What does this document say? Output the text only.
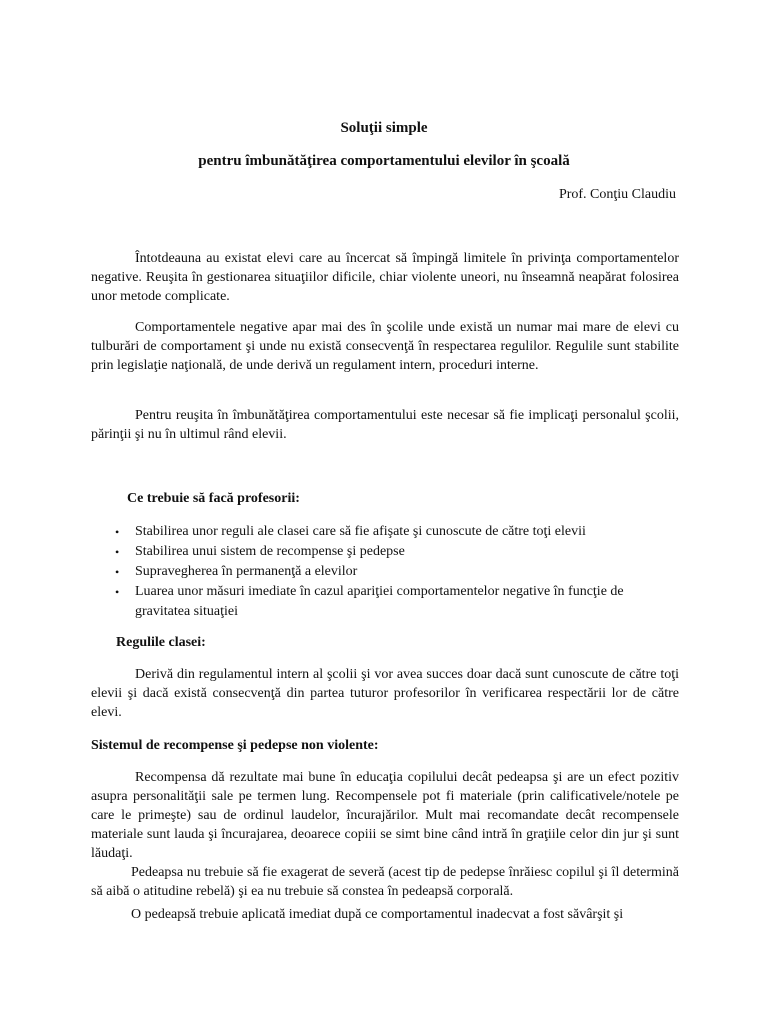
Soluţii simple
pentru îmbunătăţirea comportamentului elevilor în şcoală

Prof. Conţiu Claudiu

Întotdeauna au existat elevi care au încercat să împingă limitele în privinţa comportamentelor negative. Reuşita în gestionarea situaţiilor dificile, chiar violente uneori, nu înseamnă neapărat folosirea unor metode complicate.

Comportamentele negative apar mai des în şcolile unde există un numar mai mare de elevi cu tulburări de comportament şi unde nu există consecvenţă în respectarea regulilor. Regulile sunt stabilite prin legislaţie naţională, de unde derivă un regulament intern, proceduri interne.

Pentru reuşita în îmbunătăţirea comportamentului este necesar să fie implicaţi personalul şcolii, părinţii şi nu în ultimul rând elevii.

Ce trebuie să facă profesorii:
• Stabilirea unor reguli ale clasei care să fie afişate şi cunoscute de către toţi elevii
• Stabilirea unui sistem de recompense şi pedepse
• Supravegherea în permanenţă a elevilor
• Luarea unor măsuri imediate în cazul apariţiei comportamentelor negative în funcţie de gravitatea situaţiei
Regulile clasei:

Derivă din regulamentul intern al şcolii şi vor avea succes doar dacă sunt cunoscute de către toţi elevii şi dacă există consecvenţă din partea tuturor profesorilor în verificarea respectării lor de către elevi.

Sistemul de recompense şi pedepse non violente:

Recompensa dă rezultate mai bune în educaţia copilului decât pedeapsa şi are un efect pozitiv asupra personalităţii sale pe termen lung. Recompensele pot fi materiale (prin calificativele/notele pe care le primeşte) sau de ordinul laudelor, încurajărilor. Mult mai recomandate decât recompensele materiale sunt lauda şi încurajarea, deoarece copiii se simt bine când intră în graţiile celor din jur şi sunt lăudaţi.

Pedeapsa nu trebuie să fie exagerat de severă (acest tip de pedepse înrăiesc copilul şi îl determină să aibă o atitudine rebelă) şi ea nu trebuie să constea în pedeapsă corporală.

O pedeapsă trebuie aplicată imediat după ce comportamentul inadecvat a fost săvârşit şi
